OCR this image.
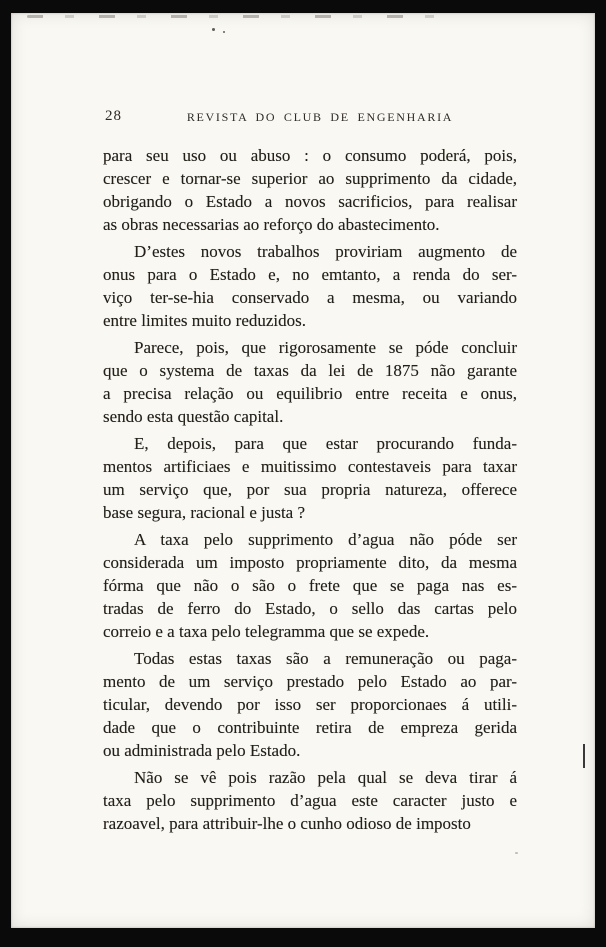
28	REVISTA DO CLUB DE ENGENHARIA

para seu uso ou abuso : o consumo poderá, pois,
crescer e tornar-se superior ao supprimento da cidade,
obrigando o Estado a novos sacrificios, para realisar
as obras necessarias ao reforço do abastecimento.

D’estes novos trabalhos proviriam augmento de
onus para o Estado e, no emtanto, a renda do ser-
viço ter-se-hia conservado a mesma, ou variando
entre limites muito reduzidos.

Parece, pois, que rigorosamente se póde concluir
que o systema de taxas da lei de 1875 não garante
a precisa relação ou equilibrio entre receita e onus,
sendo esta questão capital.

E, depois, para que estar procurando funda-
mentos artificiaes e muitissimo contestaveis para taxar
um serviço que, por sua propria natureza, offerece
base segura, racional e justa ?

A taxa pelo supprimento d’agua não póde ser
considerada um imposto propriamente dito, da mesma
fórma que não o são o frete que se paga nas es-
tradas de ferro do Estado, o sello das cartas pelo
correio e a taxa pelo telegramma que se expede.

Todas estas taxas são a remuneração ou paga-
mento de um serviço prestado pelo Estado ao par-
ticular, devendo por isso ser proporcionaes á utili-
dade que o contribuinte retira de empreza gerida
ou administrada pelo Estado.

Não se vê pois razão pela qual se deva tirar á
taxa pelo supprimento d’agua este caracter justo e
razoavel, para attribuir-lhe o cunho odioso de imposto
